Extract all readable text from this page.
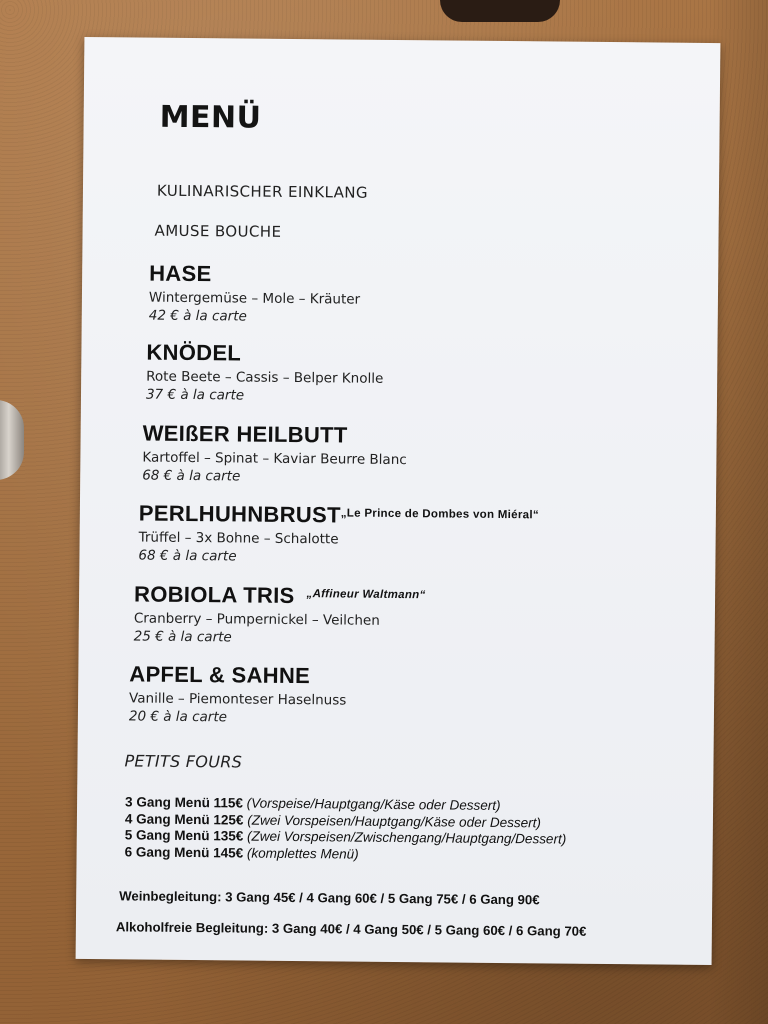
MENÜ
KULINARISCHER EINKLANG
AMUSE BOUCHE
HASE
Wintergemüse – Mole – Kräuter
42 € à la carte
KNÖDEL
Rote Beete – Cassis – Belper Knolle
37 € à la carte
WEIßER HEILBUTT
Kartoffel – Spinat – Kaviar Beurre Blanc
68 € à la carte
PERLHUHNBRUST$^{„Le Prince de Dombes von Miéral“}$
Trüffel – 3x Bohne – Schalotte
68 € à la carte
ROBIOLA TRIS $^{„Affineur Waltmann“}$
Cranberry – Pumpernickel – Veilchen
25 € à la carte
APFEL & SAHNE
Vanille – Piemonteser Haselnuss
20 € à la carte
PETITS FOURS
3 Gang Menü 115€ (Vorspeise/Hauptgang/Käse oder Dessert)
4 Gang Menü 125€ (Zwei Vorspeisen/Hauptgang/Käse oder Dessert)
5 Gang Menü 135€ (Zwei Vorspeisen/Zwischengang/Hauptgang/Dessert)
6 Gang Menü 145€ (komplettes Menü)
Weinbegleitung: 3 Gang 45€ / 4 Gang 60€ / 5 Gang 75€ / 6 Gang 90€
Alkoholfreie Begleitung: 3 Gang 40€ / 4 Gang 50€ / 5 Gang 60€ / 6 Gang 70€
